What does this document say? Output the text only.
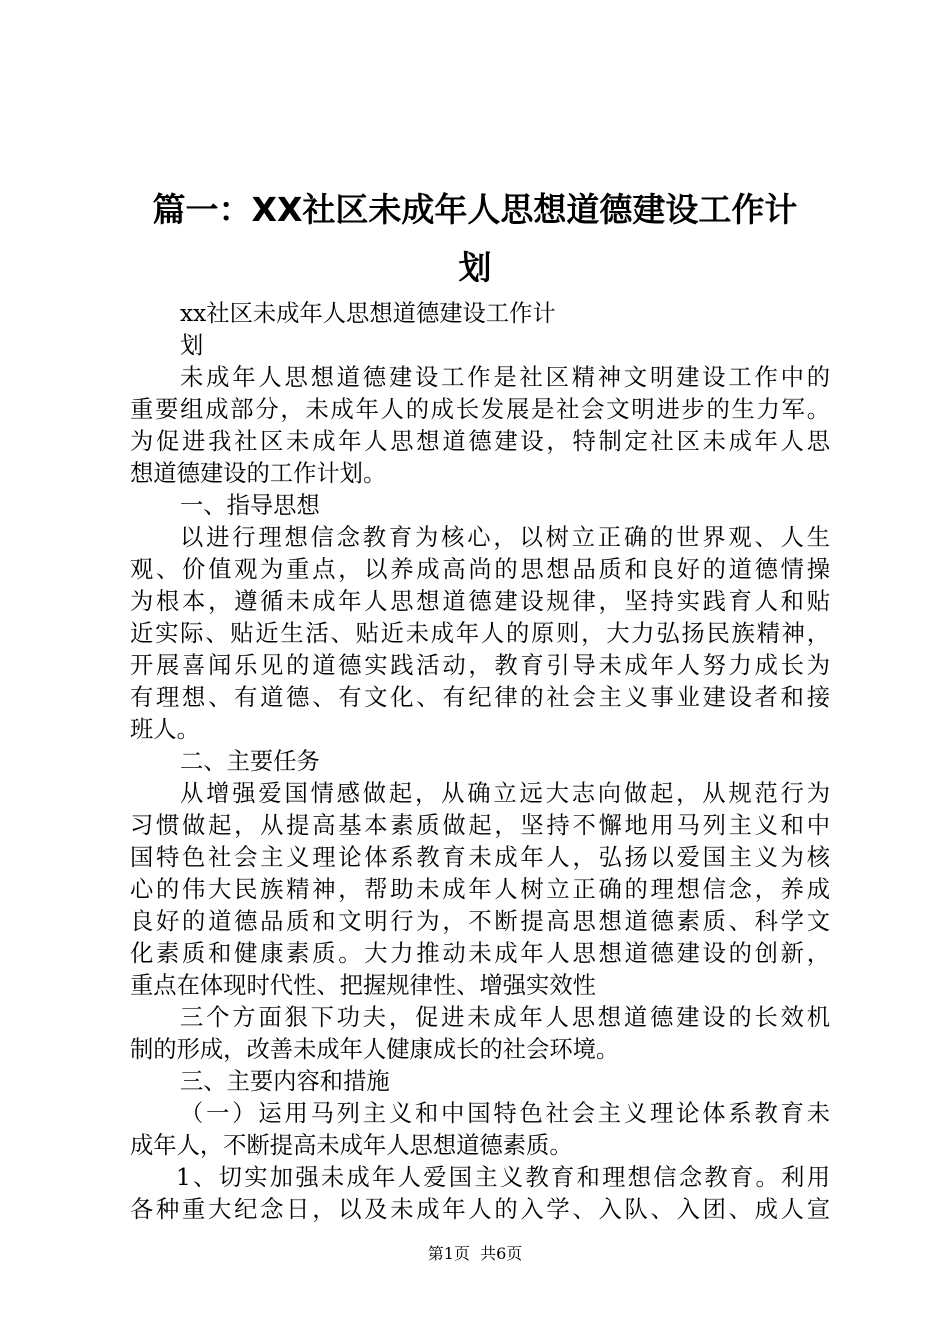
篇一：XX社区未成年人思想道德建设工作计
划
xx社区未成年人思想道德建设工作计
划
未成年人思想道德建设工作是社区精神文明建设工作中的
重要组成部分，未成年人的成长发展是社会文明进步的生力军。
为促进我社区未成年人思想道德建设，特制定社区未成年人思
想道德建设的工作计划。
一、指导思想
以进行理想信念教育为核心，以树立正确的世界观、人生
观、价值观为重点，以养成高尚的思想品质和良好的道德情操
为根本，遵循未成年人思想道德建设规律，坚持实践育人和贴
近实际、贴近生活、贴近未成年人的原则，大力弘扬民族精神，
开展喜闻乐见的道德实践活动，教育引导未成年人努力成长为
有理想、有道德、有文化、有纪律的社会主义事业建设者和接
班人。
二、主要任务
从增强爱国情感做起，从确立远大志向做起，从规范行为
习惯做起，从提高基本素质做起，坚持不懈地用马列主义和中
国特色社会主义理论体系教育未成年人，弘扬以爱国主义为核
心的伟大民族精神，帮助未成年人树立正确的理想信念，养成
良好的道德品质和文明行为，不断提高思想道德素质、科学文
化素质和健康素质。大力推动未成年人思想道德建设的创新，
重点在体现时代性、把握规律性、增强实效性
三个方面狠下功夫，促进未成年人思想道德建设的长效机
制的形成，改善未成年人健康成长的社会环境。
三、主要内容和措施
（一）运用马列主义和中国特色社会主义理论体系教育未
成年人，不断提高未成年人思想道德素质。
1、切实加强未成年人爱国主义教育和理想信念教育。利用
各种重大纪念日，以及未成年人的入学、入队、入团、成人宣
第1页 共6页
